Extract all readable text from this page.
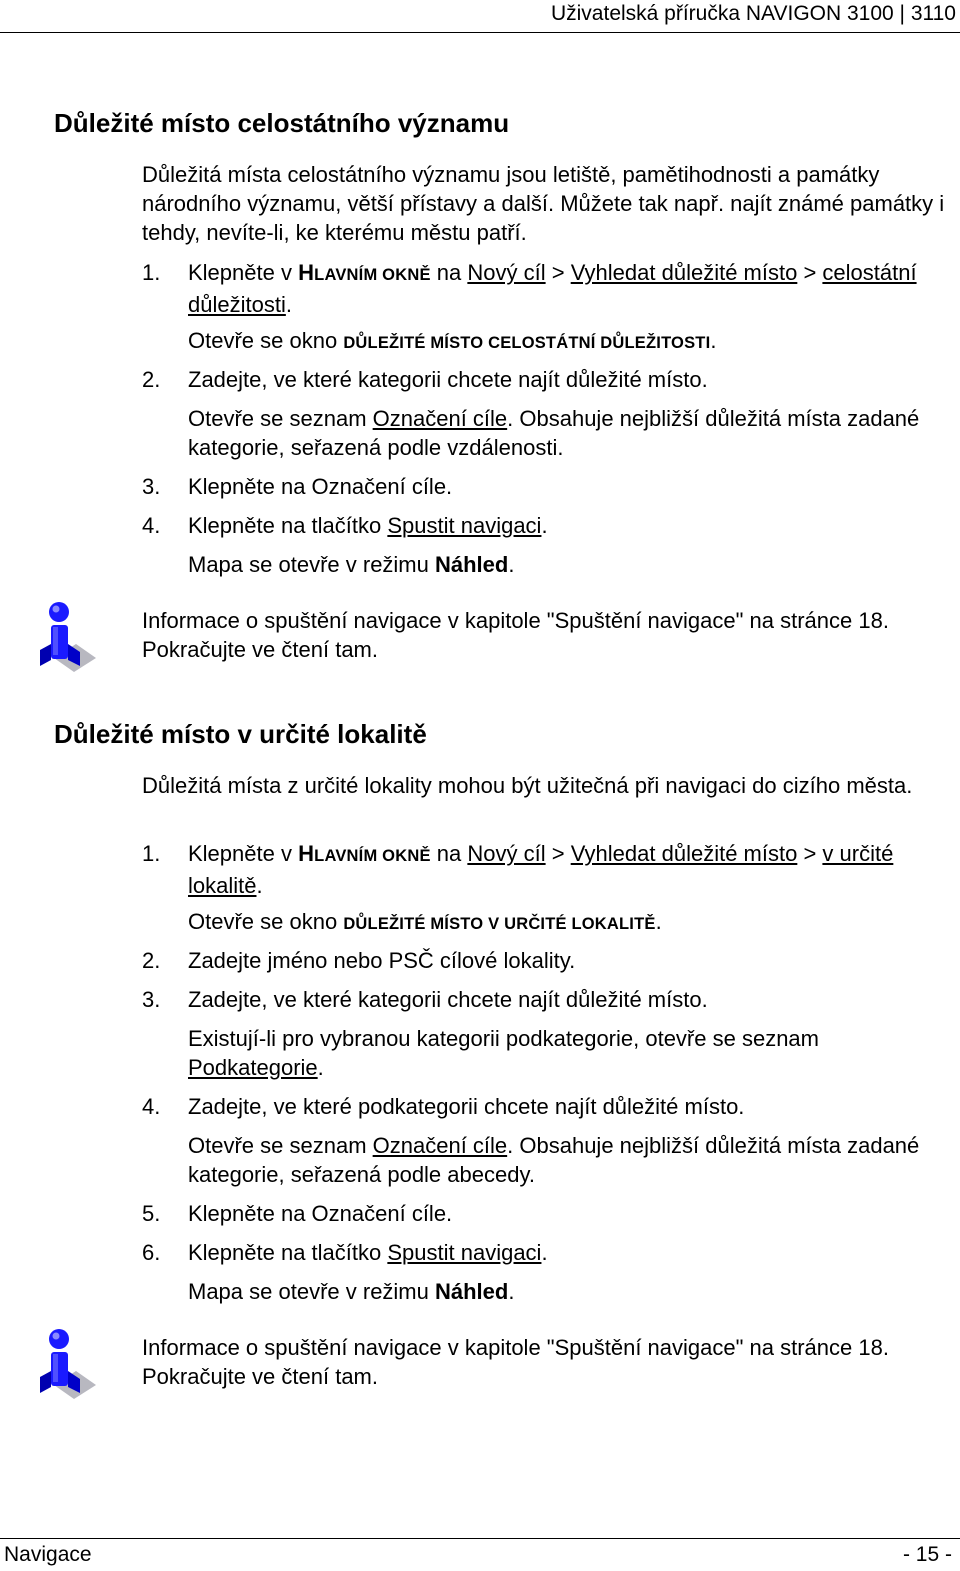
Uživatelská příručka NAVIGON 3100 | 3110
Důležité místo celostátního významu

Důležitá místa celostátního významu jsou letiště, pamětihodnosti a památky národního významu, větší přístavy a další. Můžete tak např. najít známé památky i tehdy, nevíte-li, ke kterému městu patří.

1. Klepněte v HLAVNÍM OKNĚ na Nový cíl > Vyhledat důležité místo > celostátní důležitosti.

Otevře se okno DŮLEŽITÉ MÍSTO CELOSTÁTNÍ DŮLEŽITOSTI.

2. Zadejte, ve které kategorii chcete najít důležité místo.

Otevře se seznam Označení cíle. Obsahuje nejbližší důležitá místa zadané kategorie, seřazená podle vzdálenosti.

3. Klepněte na Označení cíle.

4. Klepněte na tlačítko Spustit navigaci.

Mapa se otevře v režimu Náhled.

Informace o spuštění navigace v kapitole "Spuštění navigace" na stránce 18. Pokračujte ve čtení tam.

Důležité místo v určité lokalitě

Důležitá místa z určité lokality mohou být užitečná při navigaci do cizího města.

1. Klepněte v HLAVNÍM OKNĚ na Nový cíl > Vyhledat důležité místo > v určité lokalitě.

Otevře se okno DŮLEŽITÉ MÍSTO V URČITÉ LOKALITĚ.

2. Zadejte jméno nebo PSČ cílové lokality.

3. Zadejte, ve které kategorii chcete najít důležité místo.

Existují-li pro vybranou kategorii podkategorie, otevře se seznam Podkategorie.

4. Zadejte, ve které podkategorii chcete najít důležité místo.

Otevře se seznam Označení cíle. Obsahuje nejbližší důležitá místa zadané kategorie, seřazená podle abecedy.

5. Klepněte na Označení cíle.

6. Klepněte na tlačítko Spustit navigaci.

Mapa se otevře v režimu Náhled.

Informace o spuštění navigace v kapitole "Spuštění navigace" na stránce 18. Pokračujte ve čtení tam.

Navigace	- 15 -
